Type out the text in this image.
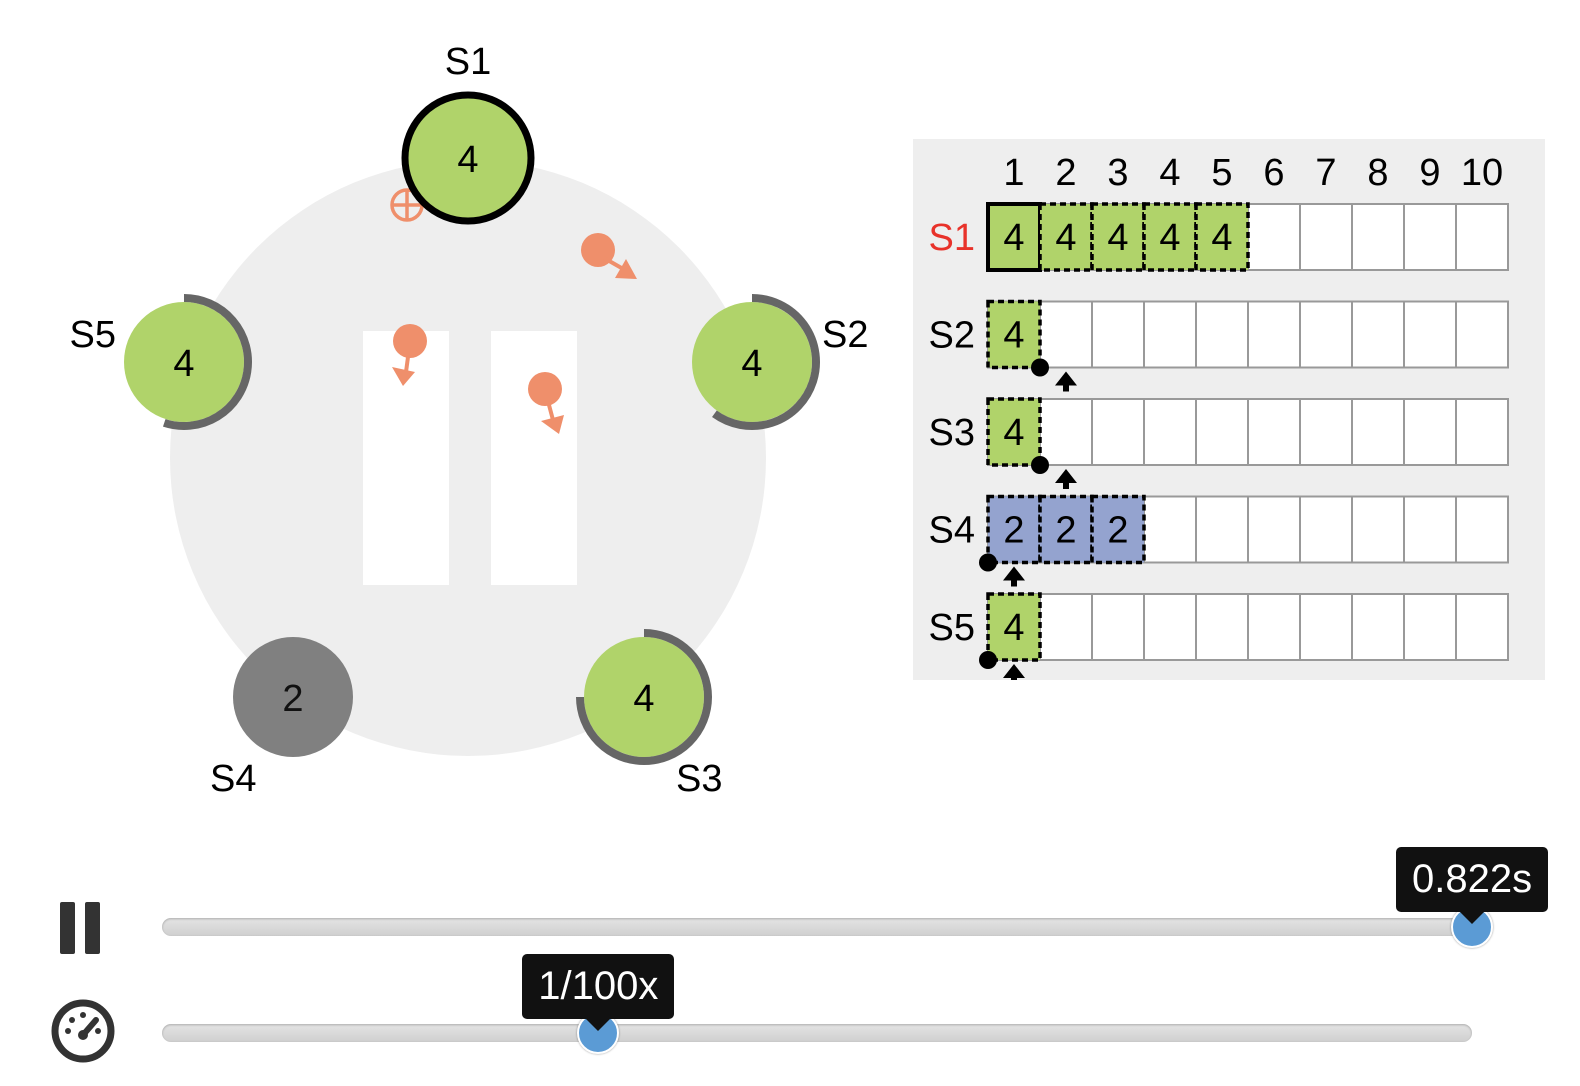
4
S1
4
S2
4
S3
2
S4
4
S5
1 2 3 4 5 6 7 8 9 10
S1 4 4 4 4 4
S2 4
S3 4
S4 2 2 2
S5 4
0.822s
1/100x
